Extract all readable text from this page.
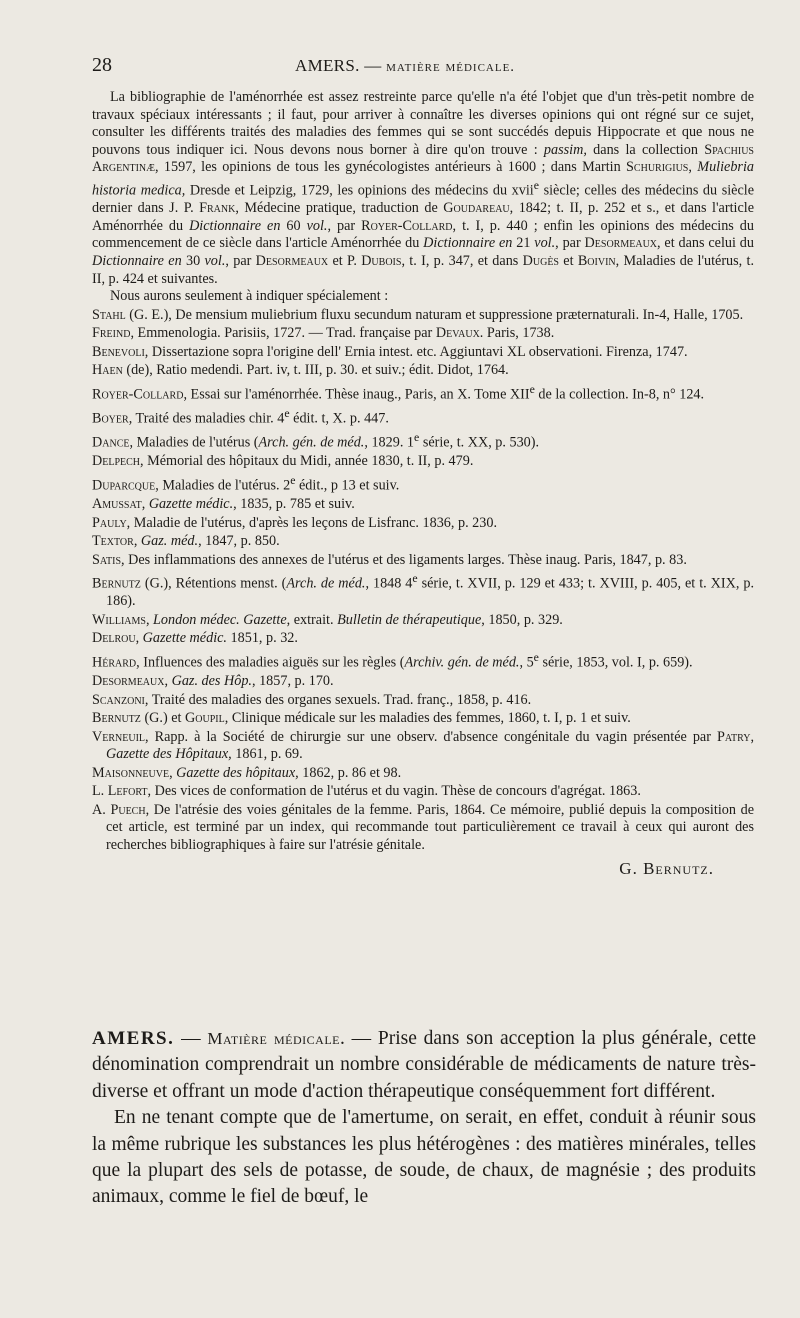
28	AMERS. — matière médicale.

La bibliographie de l'aménorrhée est assez restreinte parce qu'elle n'a été l'objet que d'un très-petit nombre de travaux spéciaux intéressants ; il faut, pour arriver à connaître les diverses opinions qui ont régné sur ce sujet, consulter les différents traités des maladies des femmes qui se sont succédés depuis Hippocrate et que nous ne pouvons tous indiquer ici. Nous devons nous borner à dire qu'on trouve : passim, dans la collection Spachius Argentinæ, 1597, les opinions de tous les gynécologistes antérieurs à 1600 ; dans Martin Schurigius, Muliebria historia medica, Dresde et Leipzig, 1729, les opinions des médecins du xvii$^e$ siècle; celles des médecins du siècle dernier dans J. P. Frank, Médecine pratique, traduction de Goudareau, 1842; t. II, p. 252 et s., et dans l'article Aménorrhée du Dictionnaire en 60 vol., par Royer-Collard, t. I, p. 440 ; enfin les opinions des médecins du commencement de ce siècle dans l'article Aménorrhée du Dictionnaire en 21 vol., par Desormeaux, et dans celui du Dictionnaire en 30 vol., par Desormeaux et P. Dubois, t. I, p. 347, et dans Dugès et Boivin, Maladies de l'utérus, t. II, p. 424 et suivantes.

Nous aurons seulement à indiquer spécialement :

Stahl (G. E.), De mensium muliebrium fluxu secundum naturam et suppressione præternaturali. In-4, Halle, 1705.
Freind, Emmenologia. Parisiis, 1727. — Trad. française par Devaux. Paris, 1738.
Benevoli, Dissertazione sopra l'origine dell' Ernia intest. etc. Aggiuntavi XL observationi. Firenza, 1747.
Haen (de), Ratio medendi. Part. iv, t. III, p. 30. et suiv.; édit. Didot, 1764.
Royer-Collard, Essai sur l'aménorrhée. Thèse inaug., Paris, an X. Tome XIIe de la collection. In-8, n° 124.
Boyer, Traité des maladies chir. 4e édit. t, X. p. 447.
Dance, Maladies de l'utérus (Arch. gén. de méd., 1829. 1e série, t. XX, p. 530).
Delpech, Mémorial des hôpitaux du Midi, année 1830, t. II, p. 479.
Duparcque, Maladies de l'utérus. 2e édit., p 13 et suiv.
Amussat, Gazette médic., 1835, p. 785 et suiv.
Pauly, Maladie de l'utérus, d'après les leçons de Lisfranc. 1836, p. 230.
Textor, Gaz. méd., 1847, p. 850.
Satis, Des inflammations des annexes de l'utérus et des ligaments larges. Thèse inaug. Paris, 1847, p. 83.
Bernutz (G.), Rétentions menst. (Arch. de méd., 1848 4e série, t. XVII, p. 129 et 433; t. XVIII, p. 405, et t. XIX, p. 186).
Williams, London médec. Gazette, extrait. Bulletin de thérapeutique, 1850, p. 329.
Delrou, Gazette médic. 1851, p. 32.
Hérard, Influences des maladies aiguës sur les règles (Archiv. gén. de méd., 5e série, 1853, vol. I, p. 659).
Desormeaux, Gaz. des Hôp., 1857, p. 170.
Scanzoni, Traité des maladies des organes sexuels. Trad. franç., 1858, p. 416.
Bernutz (G.) et Goupil, Clinique médicale sur les maladies des femmes, 1860, t. I, p. 1 et suiv.
Verneuil, Rapp. à la Société de chirurgie sur une observ. d'absence congénitale du vagin présentée par Patry, Gazette des Hôpitaux, 1861, p. 69.
Maisonneuve, Gazette des hôpitaux, 1862, p. 86 et 98.
L. Lefort, Des vices de conformation de l'utérus et du vagin. Thèse de concours d'agrégat. 1863.
A. Puech, De l'atrésie des voies génitales de la femme. Paris, 1864. Ce mémoire, publié depuis la composition de cet article, est terminé par un index, qui recommande tout particulièrement ce travail à ceux qui auront des recherches bibliographiques à faire sur l'atrésie génitale.
G. Bernutz.

AMERS. — Matière médicale. — Prise dans son acception la plus générale, cette dénomination comprendrait un nombre considérable de médicaments de nature très-diverse et offrant un mode d'action thérapeutique conséquemment fort différent.

En ne tenant compte que de l'amertume, on serait, en effet, conduit à réunir sous la même rubrique les substances les plus hétérogènes : des matières minérales, telles que la plupart des sels de potasse, de soude, de chaux, de magnésie ; des produits animaux, comme le fiel de bœuf, le
